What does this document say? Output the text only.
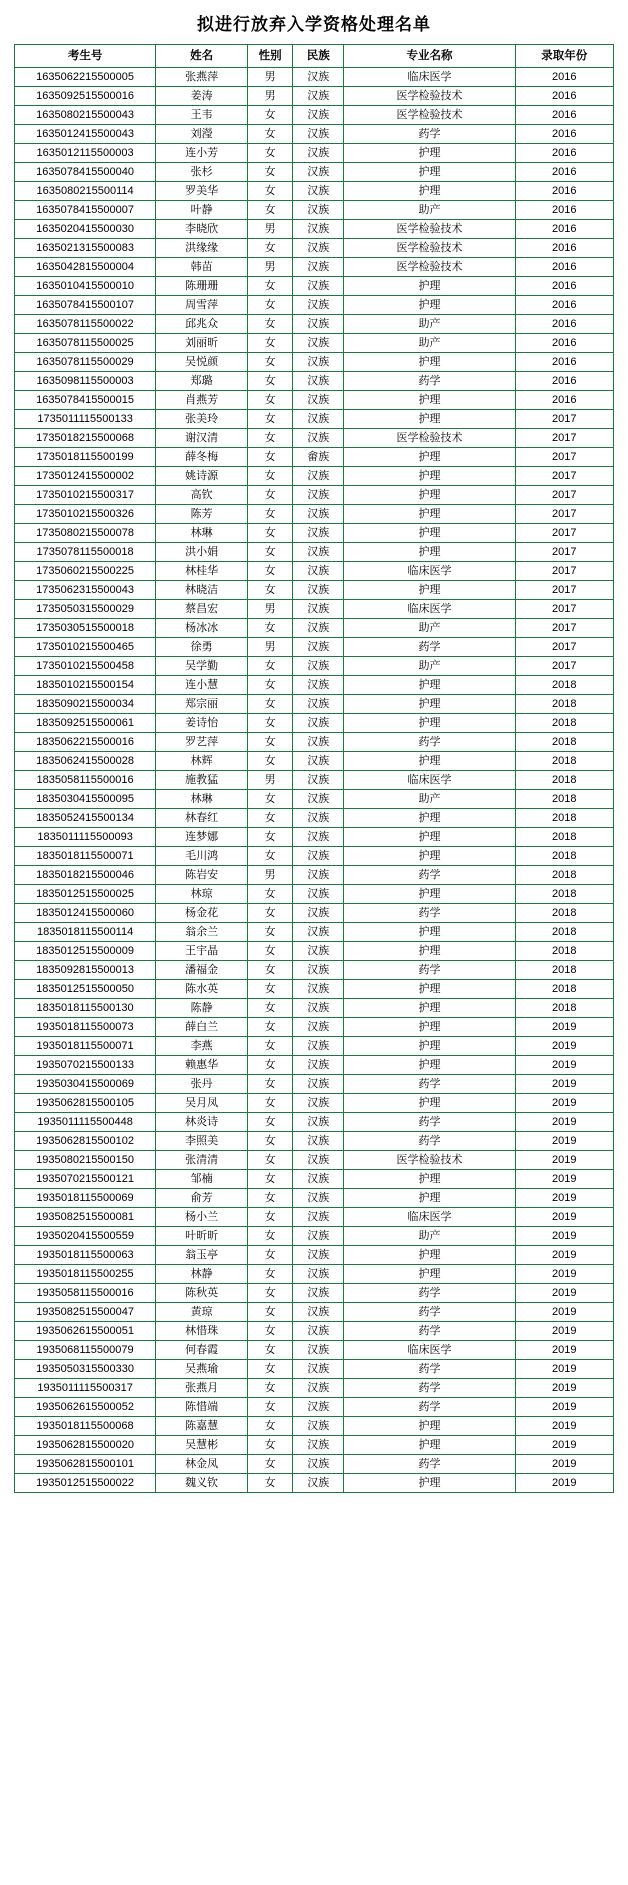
拟进行放弃入学资格处理名单
考生号	姓名	性别	民族	专业名称	录取年份
1635062215500005	张燕萍	男	汉族	临床医学	2016
1635092515500016	姜涛	男	汉族	医学检验技术	2016
1635080215500043	王韦	女	汉族	医学检验技术	2016
1635012415500043	刘瀅	女	汉族	药学	2016
1635012115500003	连小芳	女	汉族	护理	2016
1635078415500040	张杉	女	汉族	护理	2016
1635080215500114	罗美华	女	汉族	护理	2016
1635078415500007	叶静	女	汉族	助产	2016
1635020415500030	李晓欣	男	汉族	医学检验技术	2016
1635021315500083	洪缘缘	女	汉族	医学检验技术	2016
1635042815500004	韩苗	男	汉族	医学检验技术	2016
1635010415500010	陈珊珊	女	汉族	护理	2016
1635078415500107	周雪萍	女	汉族	护理	2016
1635078115500022	邱兆众	女	汉族	助产	2016
1635078115500025	刘丽昕	女	汉族	助产	2016
1635078115500029	吴悦颜	女	汉族	护理	2016
1635098115500003	郑璐	女	汉族	药学	2016
1635078415500015	肖燕芳	女	汉族	护理	2016
1735011115500133	张美玲	女	汉族	护理	2017
1735018215500068	谢汉清	女	汉族	医学检验技术	2017
1735018115500199	薛冬梅	女	畲族	护理	2017
1735012415500002	姚诗源	女	汉族	护理	2017
1735010215500317	高钦	女	汉族	护理	2017
1735010215500326	陈芳	女	汉族	护理	2017
1735080215500078	林琳	女	汉族	护理	2017
1735078115500018	洪小娟	女	汉族	护理	2017
1735060215500225	林桂华	女	汉族	临床医学	2017
1735062315500043	林晓洁	女	汉族	护理	2017
1735050315500029	蔡昌宏	男	汉族	临床医学	2017
1735030515500018	杨冰冰	女	汉族	助产	2017
1735010215500465	徐勇	男	汉族	药学	2017
1735010215500458	吴学勤	女	汉族	助产	2017
1835010215500154	连小慧	女	汉族	护理	2018
1835090215500034	郑宗丽	女	汉族	护理	2018
1835092515500061	姜诗怡	女	汉族	护理	2018
1835062215500016	罗艺萍	女	汉族	药学	2018
1835062415500028	林辉	女	汉族	护理	2018
1835058115500016	施教猛	男	汉族	临床医学	2018
1835030415500095	林琳	女	汉族	助产	2018
1835052415500134	林春红	女	汉族	护理	2018
1835011115500093	连梦娜	女	汉族	护理	2018
1835018115500071	毛川鸿	女	汉族	护理	2018
1835018215500046	陈岩安	男	汉族	药学	2018
1835012515500025	林琼	女	汉族	护理	2018
1835012415500060	杨金花	女	汉族	药学	2018
1835018115500114	翁余兰	女	汉族	护理	2018
1835012515500009	王宇晶	女	汉族	护理	2018
1835092815500013	潘福金	女	汉族	药学	2018
1835012515500050	陈水英	女	汉族	护理	2018
1835018115500130	陈静	女	汉族	护理	2018
1935018115500073	薛白兰	女	汉族	护理	2019
1935018115500071	李燕	女	汉族	护理	2019
1935070215500133	赖惠华	女	汉族	护理	2019
1935030415500069	张丹	女	汉族	药学	2019
1935062815500105	吴月凤	女	汉族	护理	2019
1935011115500448	林炎诗	女	汉族	药学	2019
1935062815500102	李照美	女	汉族	药学	2019
1935080215500150	张清清	女	汉族	医学检验技术	2019
1935070215500121	邹楠	女	汉族	护理	2019
1935018115500069	俞芳	女	汉族	护理	2019
1935082515500081	杨小兰	女	汉族	临床医学	2019
1935020415500559	叶昕昕	女	汉族	助产	2019
1935018115500063	翁玉亭	女	汉族	护理	2019
1935018115500255	林静	女	汉族	护理	2019
1935058115500016	陈秋英	女	汉族	药学	2019
1935082515500047	黄琼	女	汉族	药学	2019
1935062615500051	林惜珠	女	汉族	药学	2019
1935068115500079	何春霞	女	汉族	临床医学	2019
1935050315500330	吴燕瑜	女	汉族	药学	2019
1935011115500317	张燕月	女	汉族	药学	2019
1935062615500052	陈惜端	女	汉族	药学	2019
1935018115500068	陈嘉慧	女	汉族	护理	2019
1935062815500020	吴慧彬	女	汉族	护理	2019
1935062815500101	林金凤	女	汉族	药学	2019
1935012515500022	魏义钦	女	汉族	护理	2019
